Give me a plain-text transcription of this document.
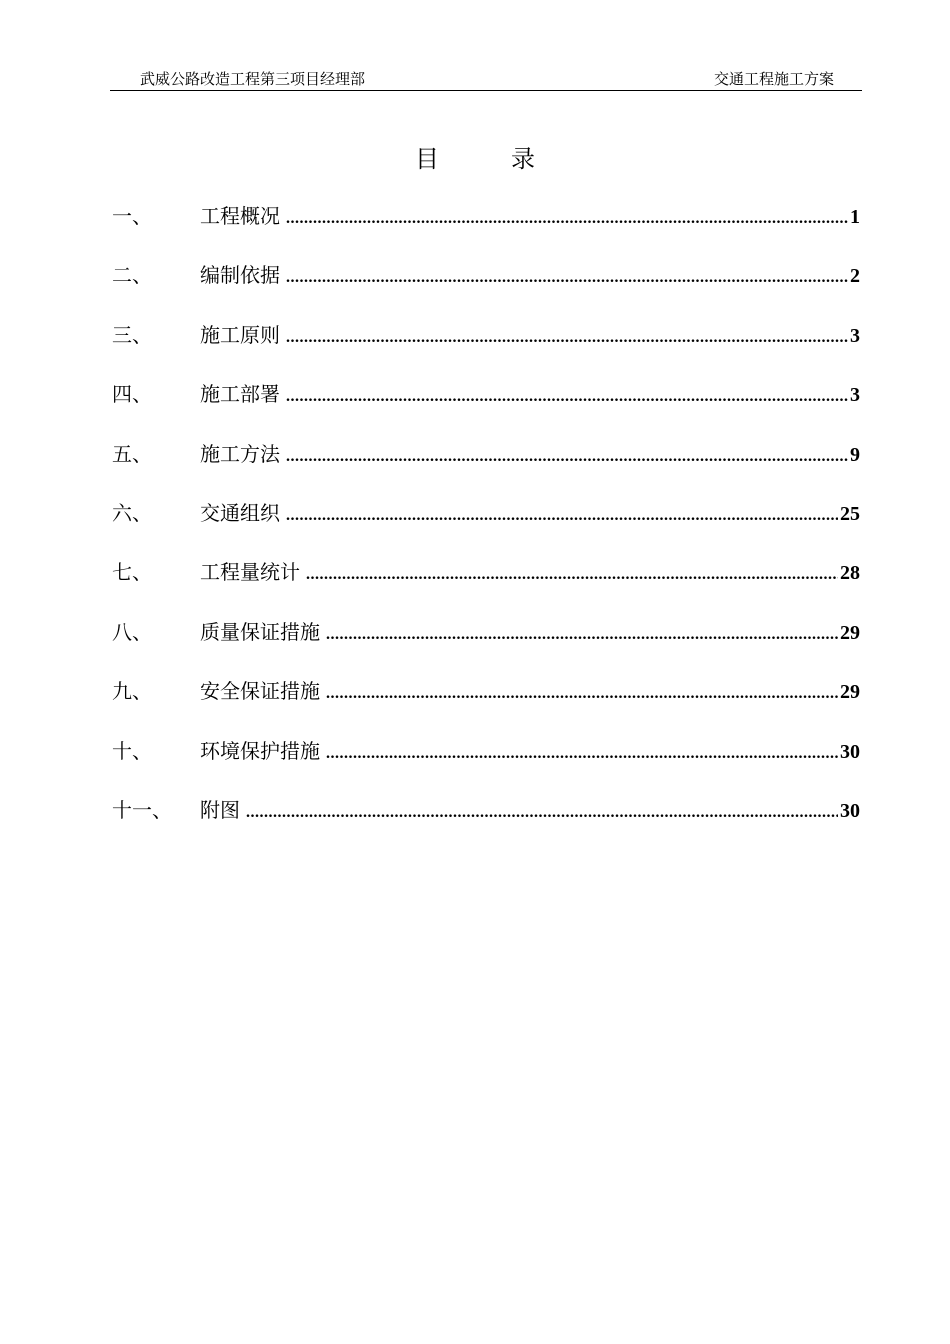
武威公路改造工程第三项目经理部	交通工程施工方案
目　　　录
一、 工程概况 .....	1
二、 编制依据 .....	2
三、 施工原则 .....	3
四、 施工部署 .....	3
五、 施工方法 .....	9
六、 交通组织 .....	25
七、 工程量统计 .....	28
八、 质量保证措施 .....	29
九、 安全保证措施 .....	29
十、 环境保护措施 .....	30
十一、 附图 .....	30
